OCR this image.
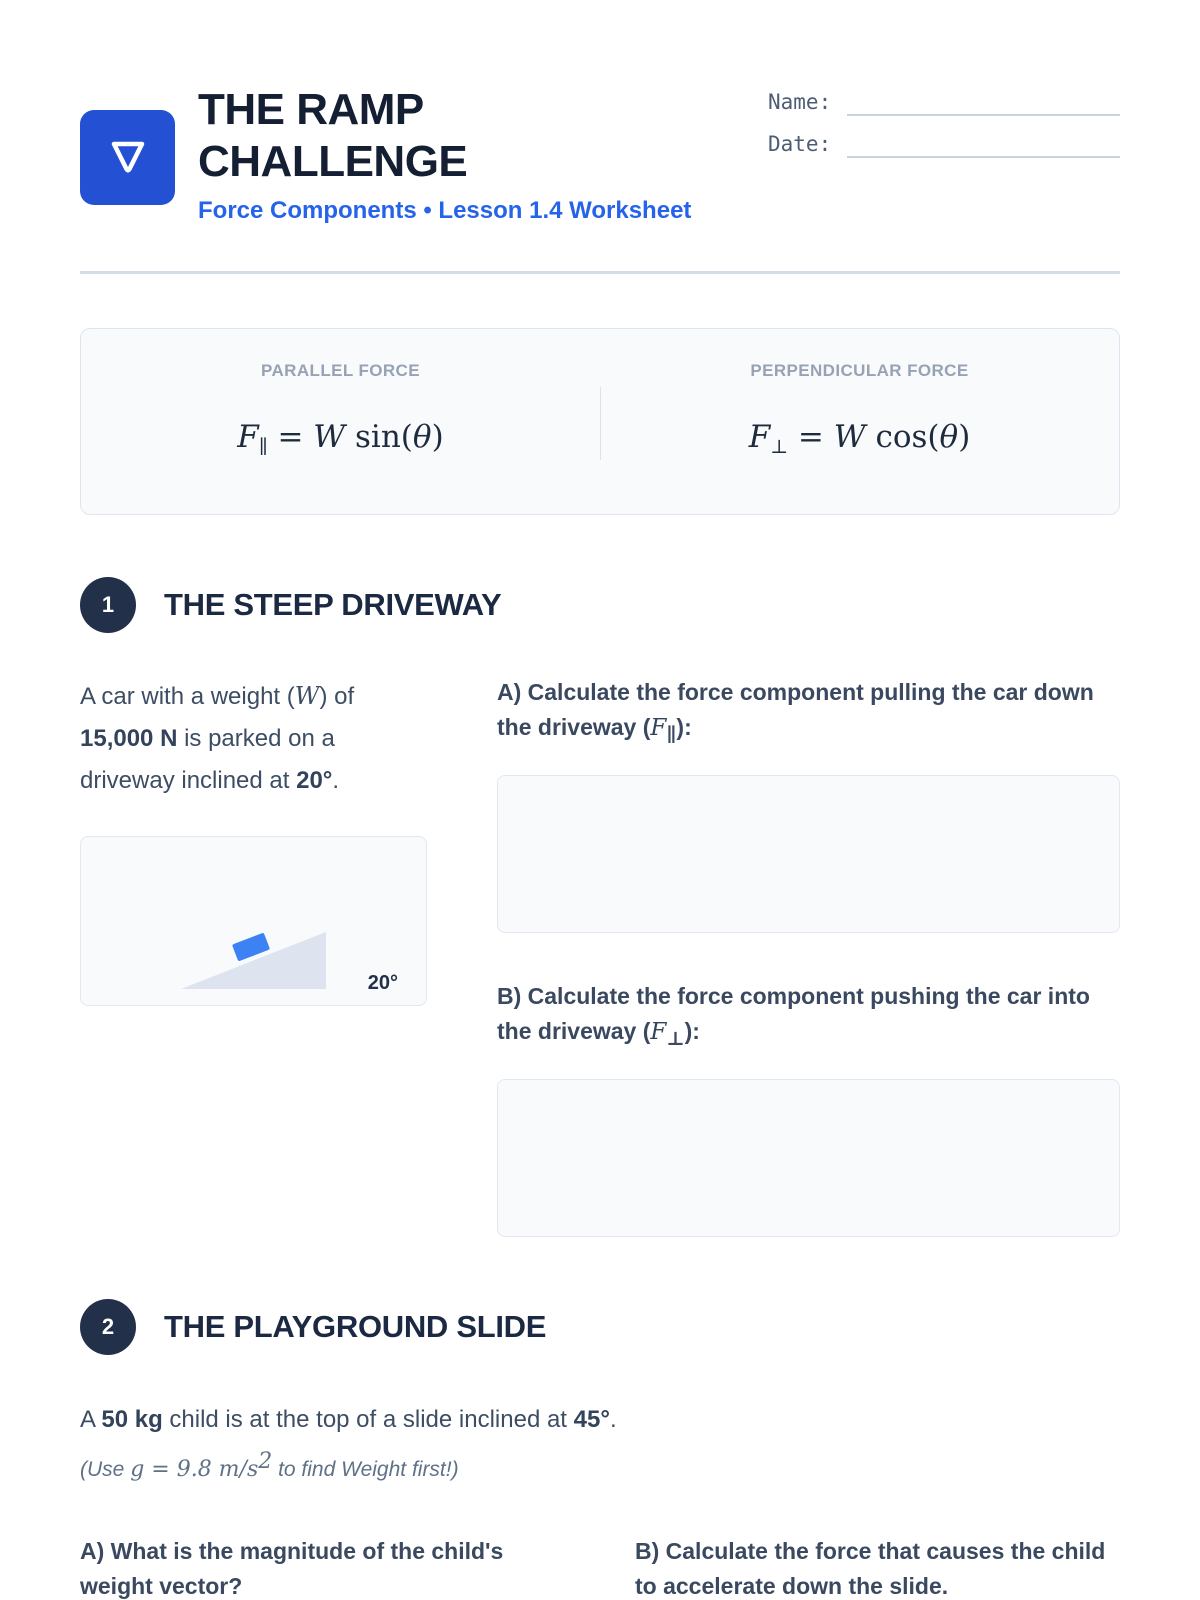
THE RAMP CHALLENGE
Force Components • Lesson 1.4 Worksheet
Name:
Date:
PARALLEL FORCE
F∥ = W sin(θ)
PERPENDICULAR FORCE
F⊥ = W cos(θ)
1	THE STEEP DRIVEWAY
A car with a weight (W) of 15,000 N is parked on a driveway inclined at 20°.
20°
A) Calculate the force component pulling the car down the driveway $(F_\parallel)$:
B) Calculate the force component pushing the car into the driveway $(F_\perp)$:
2	THE PLAYGROUND SLIDE
A 50 kg child is at the top of a slide inclined at 45°.
(Use g = 9.8 $m/s^2$ to find Weight first!)
A) What is the magnitude of the child's weight vector?
B) Calculate the force that causes the child to accelerate down the slide.
